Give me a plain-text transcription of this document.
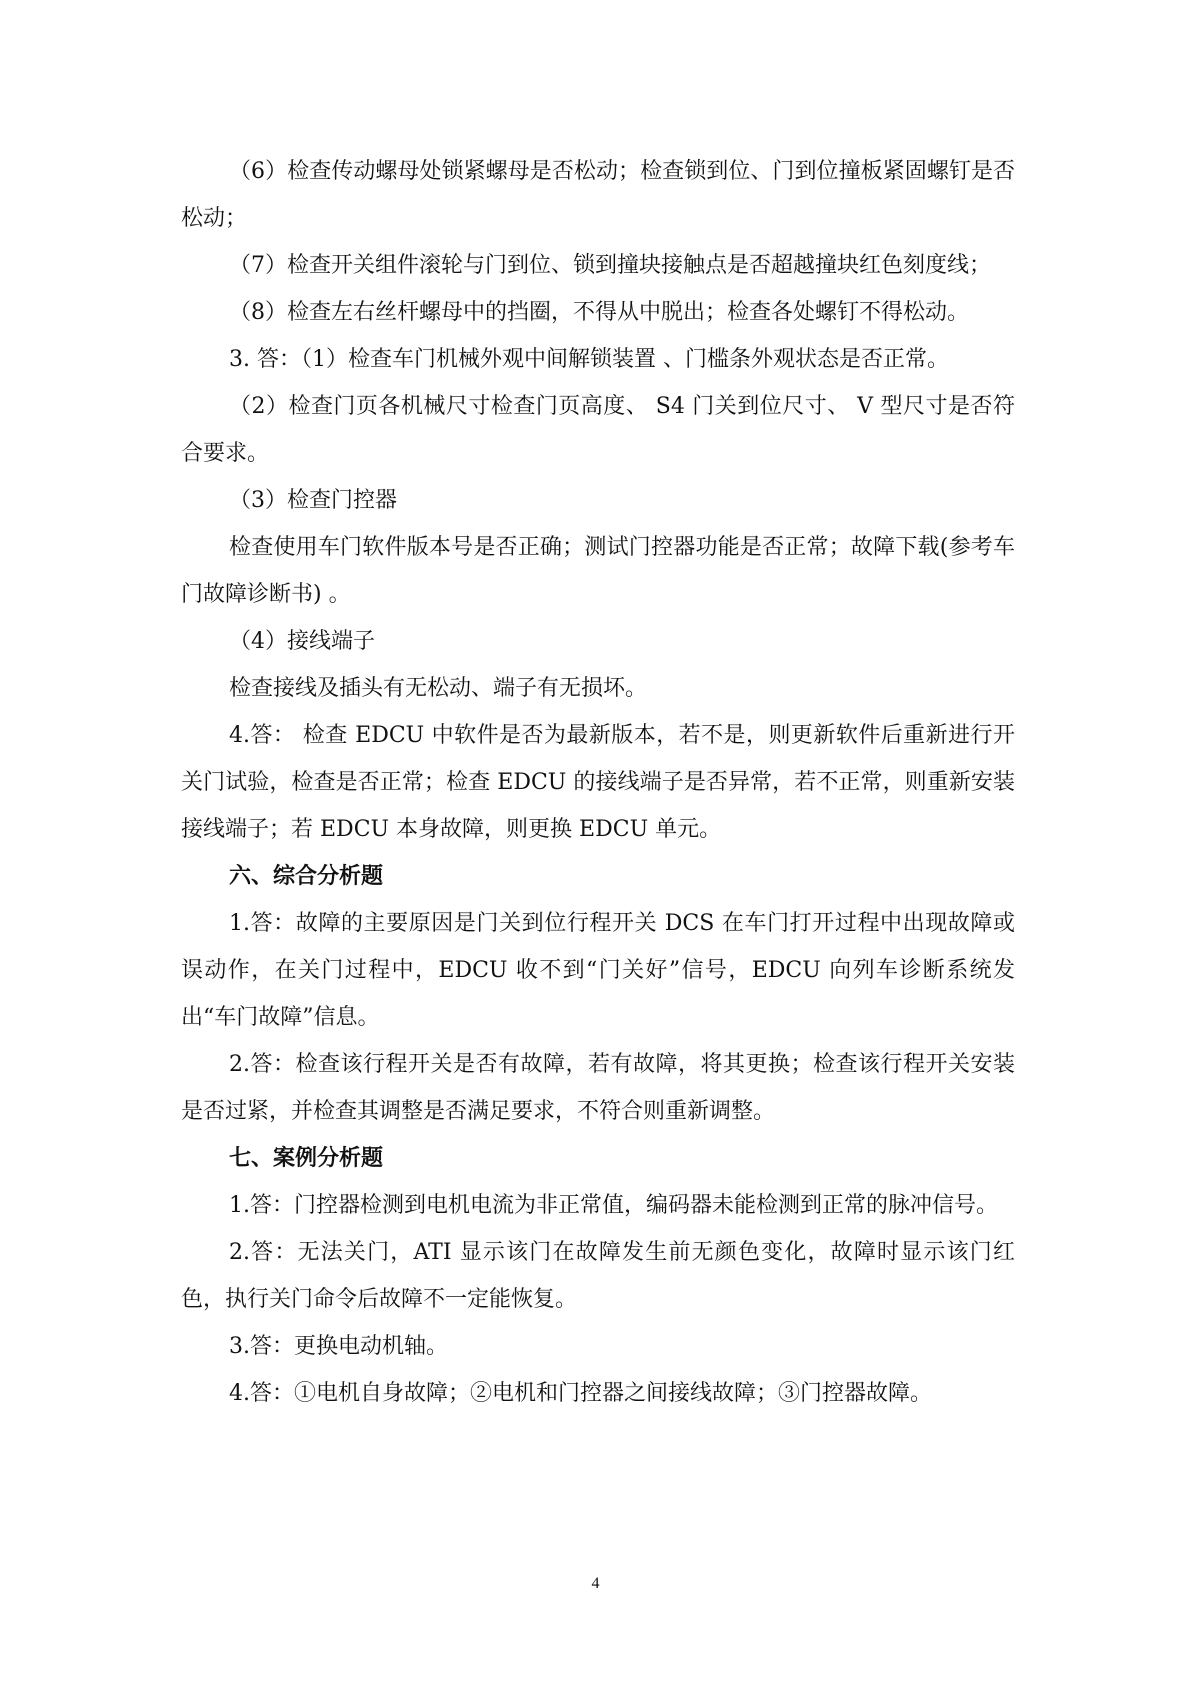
（6）检查传动螺母处锁紧螺母是否松动；检查锁到位、门到位撞板紧固螺钉是否松动；

（7）检查开关组件滚轮与门到位、锁到撞块接触点是否超越撞块红色刻度线；

（8）检查左右丝杆螺母中的挡圈，不得从中脱出；检查各处螺钉不得松动。

3. 答：（1）检查车门机械外观中间解锁装置 、门槛条外观状态是否正常。

（2）检查门页各机械尺寸检查门页高度、 S4 门关到位尺寸、 V 型尺寸是否符合要求。

（3）检查门控器

检查使用车门软件版本号是否正确；测试门控器功能是否正常；故障下载(参考车门故障诊断书) 。

（4）接线端子

检查接线及插头有无松动、端子有无损坏。

4.答： 检查 EDCU 中软件是否为最新版本，若不是，则更新软件后重新进行开关门试验，检查是否正常；检查 EDCU 的接线端子是否异常，若不正常，则重新安装接线端子；若 EDCU 本身故障，则更换 EDCU 单元。

六、综合分析题

1.答：故障的主要原因是门关到位行程开关 DCS 在车门打开过程中出现故障或误动作，在关门过程中，EDCU 收不到“门关好”信号，EDCU 向列车诊断系统发出“车门故障”信息。

2.答：检查该行程开关是否有故障，若有故障，将其更换；检查该行程开关安装是否过紧，并检查其调整是否满足要求，不符合则重新调整。

七、案例分析题

1.答：门控器检测到电机电流为非正常值，编码器未能检测到正常的脉冲信号。

2.答：无法关门，ATI 显示该门在故障发生前无颜色变化，故障时显示该门红色，执行关门命令后故障不一定能恢复。

3.答：更换电动机轴。

4.答：①电机自身故障；②电机和门控器之间接线故障；③门控器故障。

4
